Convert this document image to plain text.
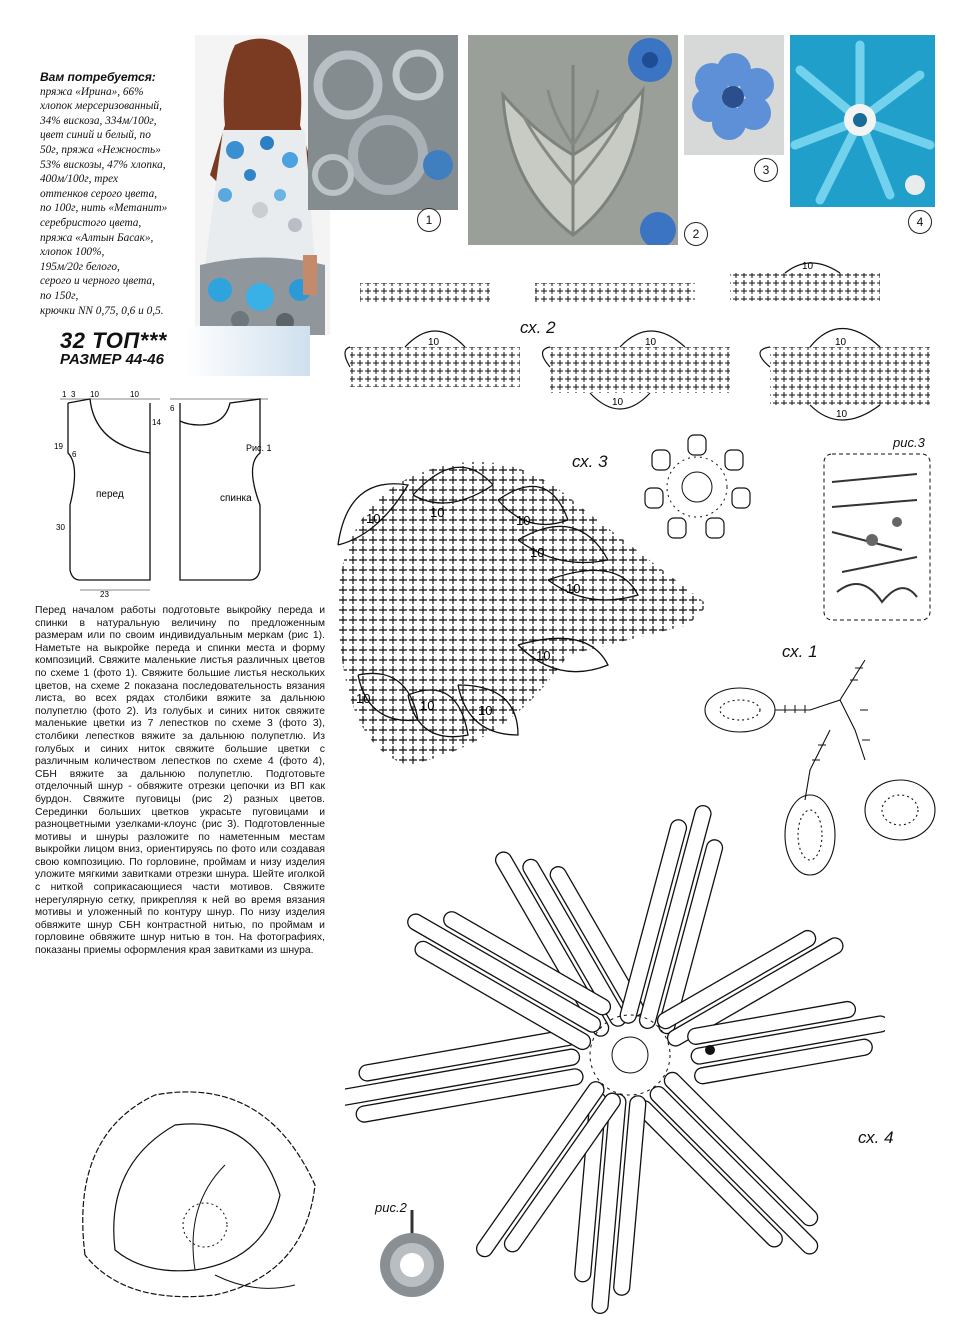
1
2
3
4

Вам потребуется:

пряжа «Ирина», 66%

хлопок мерсеризованный,

34% вискоза, 334м/100г,

цвет синий и белый, по

50г, пряжа «Нежность»

53% вискозы, 47% хлопка,

400м/100г, трех

оттенков серого цвета,

по 100г, нить «Метанит»

серебристого цвета,

пряжа «Алтын Басак»,

хлопок 100%,

195м/20г белого,

серого и черного цвета,

по 150г,

крючки NN 0,75, 0,6 и 0,5.

32 ТОП***
РАЗМЕР 44-46
1 3 10	10
6
14
19
6
30
23
Рис. 1
перед	спинка
Перед началом работы подготовьте выкройку переда и спинки в натуральную величину по предложенным размерам или по своим индивидуальным меркам (рис 1). Наметьте на выкройке переда и спинки места и форму композиций. Свяжите маленькие листья различных цветов по схеме 1 (фото 1). Свяжите большие листья нескольких цветов, на схеме 2 показана последовательность вязания листа, во всех рядах столбики вяжите за дальнюю полупетлю (фото 2). Из голубых и синих ниток свяжите маленькие цветки из 7 лепестков по схеме 3 (фото 3), столбики лепестков вяжите за дальнюю полупетлю. Из голубых и синих ниток свяжите большие цветки с различным количеством лепестков по схеме 4 (фото 4), СБН вяжите за дальнюю полупетлю. Подготовьте отделочный шнур - обвяжите отрезки цепочки из ВП как бурдон. Свяжите пуговицы (рис 2) разных цветов. Серединки больших цветков украсьте пуговицами и разноцветными узелками-клоунс (рис 3). Подготовленные мотивы и шнуры разложите по наметенным местам выкройки лицом вниз, ориентируясь по фото или создавая свою композицию. По горловине, проймам и низу изделия уложите мягкими завитками отрезки шнура. Шейте иголкой с ниткой соприкасающиеся части мотивов. Свяжите нерегулярную сетку, прикрепляя к ней во время вязания мотивы и уложенный по контуру шнур. По низу изделия обвяжите шнур СБН контрастной нитью, по проймам и горловине обвяжите шнур нитью в тон. На фотографиях, показаны приемы оформления края завитками из шнура.
10
10	10	10
10
10
сх. 2
10	10
10
10
10
10
10
10	10
сх. 3
рис.3
сх. 1
сх. 4
рис.2
